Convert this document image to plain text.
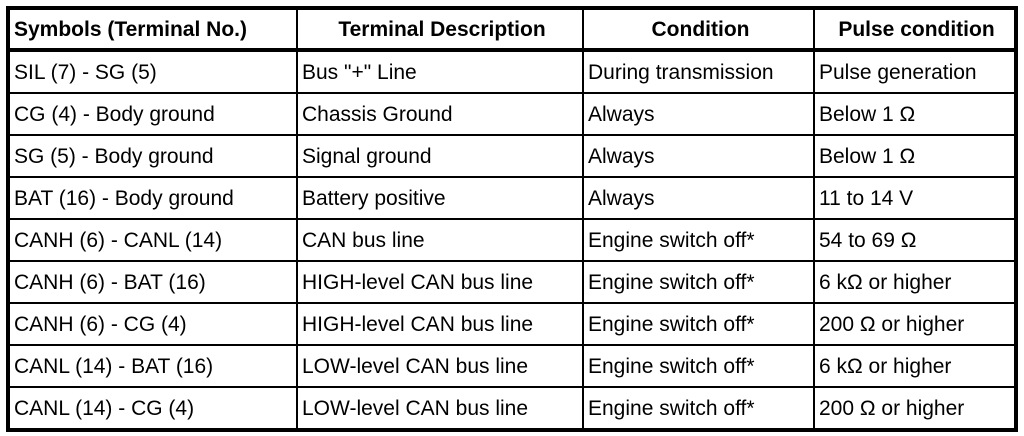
Symbols (Terminal No.)	Terminal Description	Condition	Pulse condition
SIL (7) - SG (5)	Bus "+" Line	During transmission	Pulse generation
CG (4) - Body ground	Chassis Ground	Always	Below 1 Ω
SG (5) - Body ground	Signal ground	Always	Below 1 Ω
BAT (16) - Body ground	Battery positive	Always	11 to 14 V
CANH (6) - CANL (14)	CAN bus line	Engine switch off*	54 to 69 Ω
CANH (6) - BAT (16)	HIGH-level CAN bus line	Engine switch off*	6 kΩ or higher
CANH (6) - CG (4)	HIGH-level CAN bus line	Engine switch off*	200 Ω or higher
CANL (14) - BAT (16)	LOW-level CAN bus line	Engine switch off*	6 kΩ or higher
CANL (14) - CG (4)	LOW-level CAN bus line	Engine switch off*	200 Ω or higher
